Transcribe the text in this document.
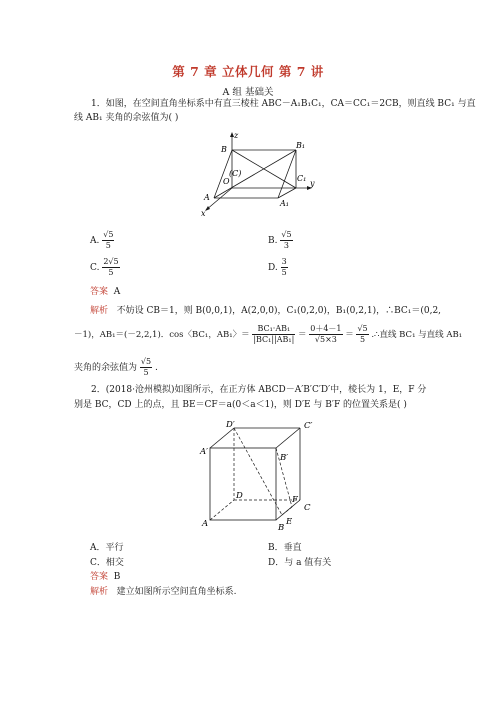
第 7 章 立体几何 第 7 讲
A 组 基础关
1．如图，在空间直角坐标系中有直三棱柱 ABC－A₁B₁C₁，CA＝CC₁＝2CB，则直线 BC₁ 与直
线 AB₁ 夹角的余弦值为( )
z
y
x
B	B₁
(C)
O	C₁
A
A₁
A. $\frac{√5}{5}$	B. $\frac{√5}{3}$
C. $\frac{2√5}{5}$	D. $\frac{3}{5}$
答案 A
解析 不妨设 CB＝1，则 B(0,0,1)，A(2,0,0)，C₁(0,2,0)，B₁(0,2,1)，∴BC₁＝(0,2,
－1)，AB₁＝(－2,2,1)．cos〈BC₁，AB₁〉＝ $\frac{\text{BC₁·AB₁}}{\text{|BC₁||AB₁|}} = \frac{0+4-1}{√5\times 3} = \frac{√5}{5}$ .∴直线 BC₁ 与直线 AB₁
夹角的余弦值为 $\frac{√5}{5}$ .
2．(2018·沧州模拟)如图所示，在正方体 ABCD－A′B′C′D′中，棱长为 1，E，F 分
别是 BC，CD 上的点，且 BE＝CF＝a(0＜a＜1)，则 D′E 与 B′F 的位置关系是( )
D′	C′
A′
B′
D	F
C
A	E
B
A．平行	B．垂直
C．相交	D．与 a 值有关
答案 B
解析 建立如图所示空间直角坐标系.
